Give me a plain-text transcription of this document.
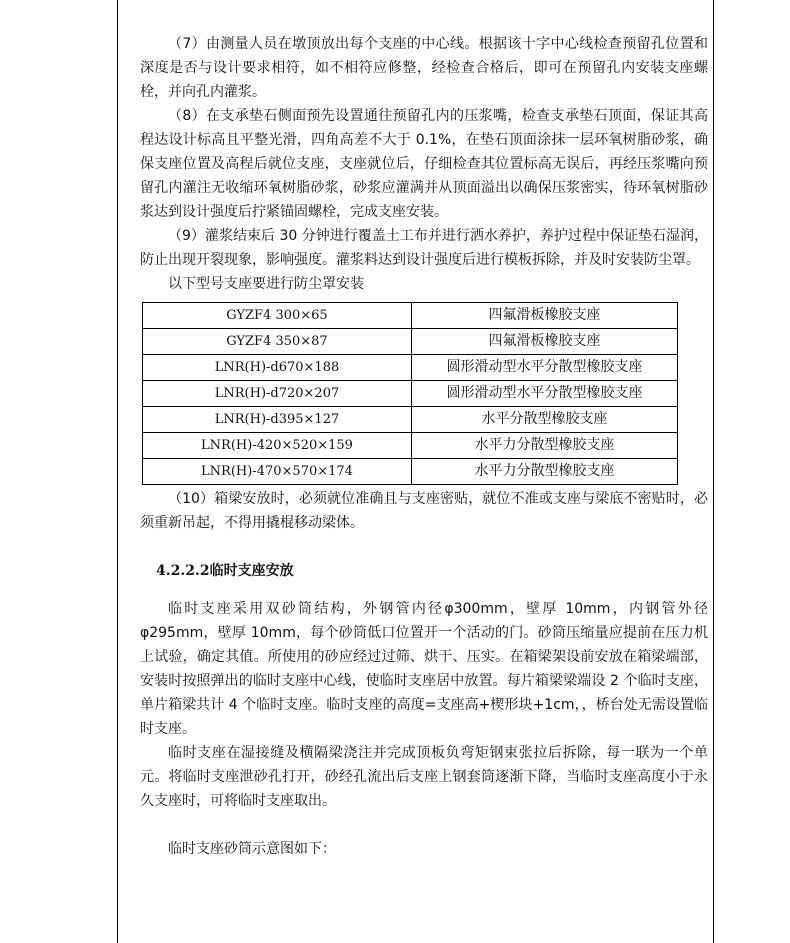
（7）由测量人员在墩顶放出每个支座的中心线。根据该十字中心线检查预留孔位置和深度是否与设计要求相符，如不相符应修整，经检查合格后，即可在预留孔内安装支座螺栓，并向孔内灌浆。

（8）在支承垫石侧面预先设置通往预留孔内的压浆嘴，检查支承垫石顶面，保证其高程达设计标高且平整光滑，四角高差不大于 0.1%，在垫石顶面涂抹一层环氧树脂砂浆，确保支座位置及高程后就位支座，支座就位后，仔细检查其位置标高无误后，再经压浆嘴向预留孔内灌注无收缩环氧树脂砂浆，砂浆应灌满并从顶面溢出以确保压浆密实，待环氧树脂砂浆达到设计强度后拧紧锚固螺栓，完成支座安装。

（9）灌浆结束后 30 分钟进行覆盖土工布并进行洒水养护，养护过程中保证垫石湿润，防止出现开裂现象，影响强度。灌浆料达到设计强度后进行模板拆除，并及时安装防尘罩。

以下型号支座要进行防尘罩安装

GYZF4 300×65	四氟滑板橡胶支座
GYZF4 350×87	四氟滑板橡胶支座
LNR(H)-d670×188	圆形滑动型水平分散型橡胶支座
LNR(H)-d720×207	圆形滑动型水平分散型橡胶支座
LNR(H)-d395×127	水平分散型橡胶支座
LNR(H)-420×520×159	水平力分散型橡胶支座
LNR(H)-470×570×174	水平力分散型橡胶支座

（10）箱梁安放时，必须就位准确且与支座密贴，就位不准或支座与梁底不密贴时，必须重新吊起，不得用撬棍移动梁体。

4.2.2.2临时支座安放

临时支座采用双砂筒结构，外钢管内径φ300mm，壁厚 10mm，内钢管外径φ295mm，壁厚 10mm，每个砂筒低口位置开一个活动的门。砂筒压缩量应提前在压力机上试验，确定其值。所使用的砂应经过过筛、烘干、压实。在箱梁架设前安放在箱梁端部，安装时按照弹出的临时支座中心线，使临时支座居中放置。每片箱梁梁端设 2 个临时支座，单片箱梁共计 4 个临时支座。临时支座的高度=支座高+楔形块+1cm，，桥台处无需设置临时支座。

临时支座在湿接缝及横隔梁浇注并完成顶板负弯矩钢束张拉后拆除，每一联为一个单元。将临时支座泄砂孔打开，砂经孔流出后支座上钢套筒逐渐下降，当临时支座高度小于永久支座时，可将临时支座取出。

临时支座砂筒示意图如下：
